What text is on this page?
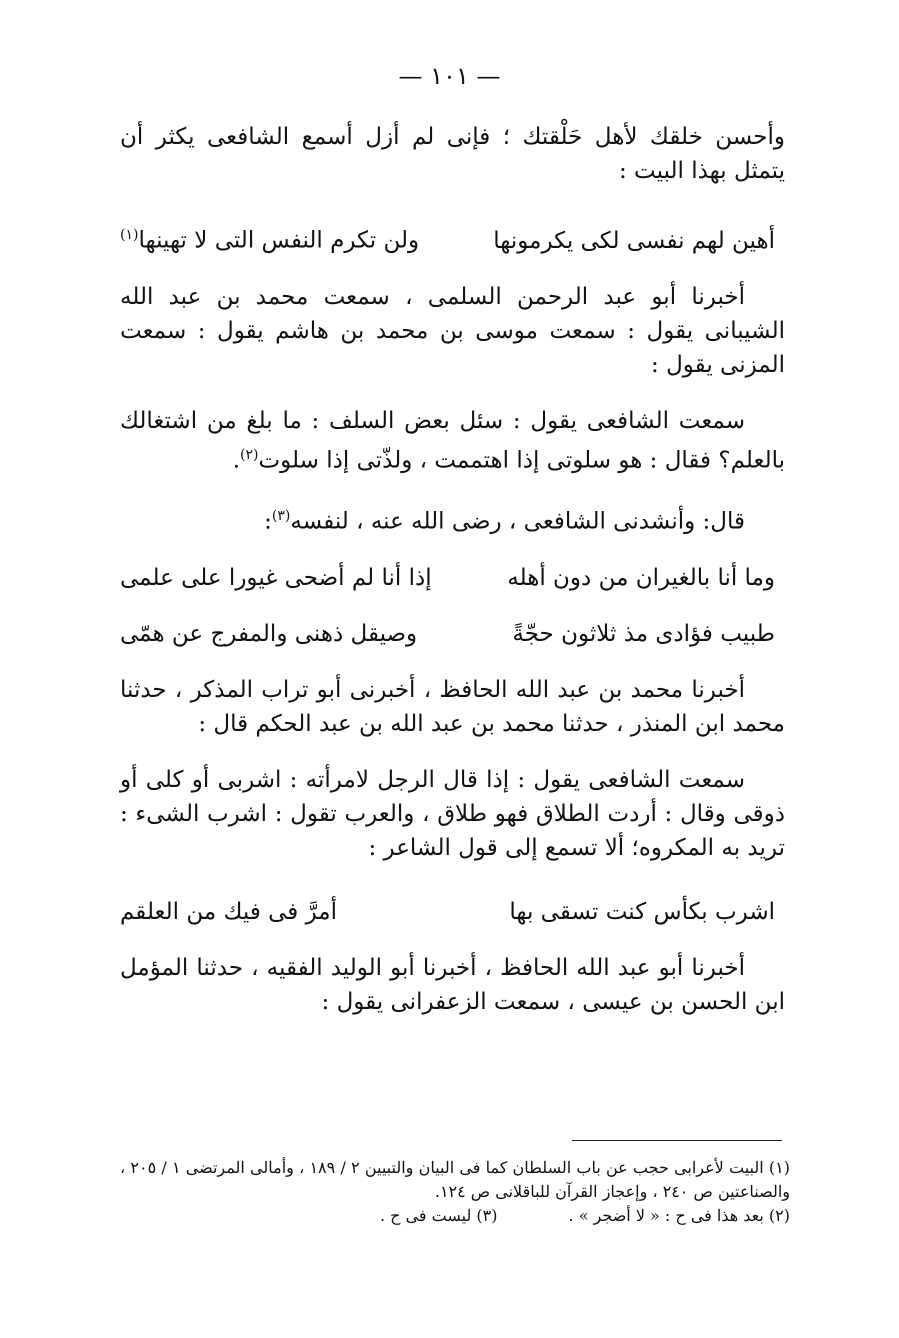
— ١٠١ —

وأحسن خلقك لأهل حَلْقتك ؛ فإنى لم أزل أسمع الشافعى يكثر أن يتمثل بهذا البيت :

أهين لهم نفسى لكى يكرمونها
ولن تكرم النفس التى لا تهينها$^{(١)}$

أخبرنا أبو عبد الرحمن السلمى ، سمعت محمد بن عبد الله الشيبانى يقول : سمعت موسى بن محمد بن هاشم يقول : سمعت المزنى يقول :

سمعت الشافعى يقول : سئل بعض السلف : ما بلغ من اشتغالك بالعلم؟ فقال : هو سلوتى إذا اهتممت ، ولذّتى إذا سلوت$^{(٢)}$.

قال: وأنشدنى الشافعى ، رضى الله عنه ، لنفسه$^{(٣)}$:

وما أنا بالغيران من دون أهله
إذا أنا لم أضحى غيورا على علمى
طبيب فؤادى مذ ثلاثون حجّةً
وصيقل ذهنى والمفرج عن همّى

أخبرنا محمد بن عبد الله الحافظ ، أخبرنى أبو تراب المذكر ، حدثنا محمد ابن المنذر ، حدثنا محمد بن عبد الله بن عبد الحكم قال :

سمعت الشافعى يقول : إذا قال الرجل لامرأته : اشربى أو كلى أو ذوقى وقال : أردت الطلاق فهو طلاق ، والعرب تقول : اشرب الشىء : تريد به المكروه؛ ألا تسمع إلى قول الشاعر :

اشرب بكأس كنت تسقى بها
أمرَّ فى فيك من العلقم

أخبرنا أبو عبد الله الحافظ ، أخبرنا أبو الوليد الفقيه ، حدثنا المؤمل ابن الحسن بن عيسى ، سمعت الزعفرانى يقول :

(١) البيت لأعرابى حجب عن باب السلطان كما فى البيان والتبيين ٢ / ١٨٩ ، وأمالى المرتضى ١ / ٢٠٥ ، والصناعتين ص ٢٤٠ ، وإعجاز القرآن للباقلانى ص ١٢٤.
(٢) بعد هذا فى ح : « لا أضجر » .
(٣) ليست فى ح .
